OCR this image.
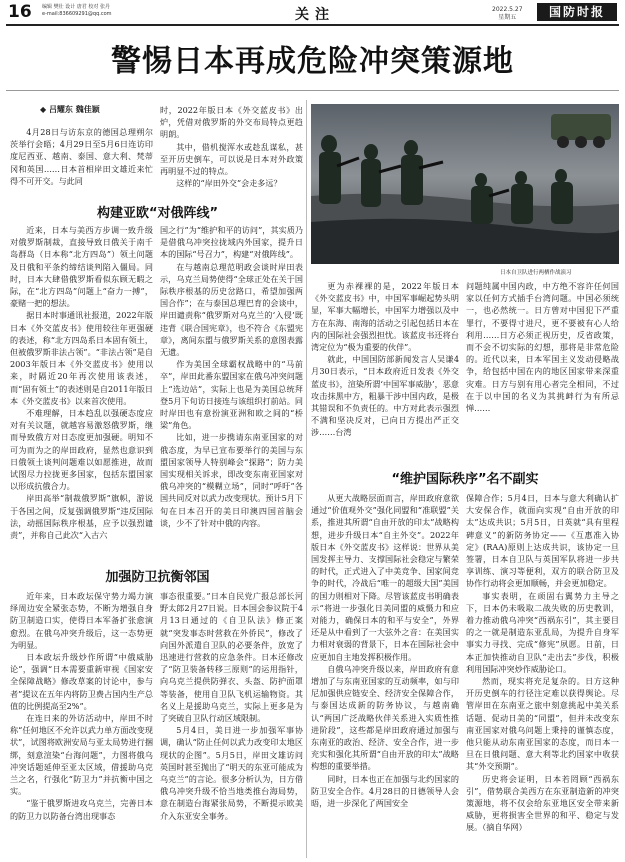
16 编辑 樊壮 设计 唐君 校对 张丹
e-mail:836609291@qq.com	关注	2022.5.27
星期五	国防时报
警惕日本再成危险冲突策源地
◆ 吕耀东 魏佳颖

4月28日与访东京的德国总理朔尔茨举行会晤；4月29日至5月6日连访印度尼西亚、越南、泰国、意大利、梵蒂冈和英国……日本首相岸田文雄近来忙得不可开交。与此同

时，2022年版日本《外交蓝皮书》出炉，凭借对俄罗斯的外交布局特点更趋明朗。

其中，借机搅浑水或趁乱谋私，甚至开历史倒车，可以说是日本对外政策再明显不过的特点。

这样的“岸田外交”会走多远？

构建亚欧“对俄阵线”

近来，日本与美西方步调一致升级对俄罗斯制裁，直接导致日俄关于南千岛群岛（日本称“北方四岛”）领土问题及日俄和平条约缔结谈判陷入僵局。同时，日本大肆借俄罗斯看似东顾无暇之际，在“北方四岛”问题上“奋力一搏”，豪赌一把的想法。

据日本时事通讯社报道，2022年版日本《外交蓝皮书》使用较往年更强硬的表述，称“北方四岛系日本固有领土，但被俄罗斯非法占领”。“非法占领”是自2003年版日本《外交蓝皮书》使用以来，时隔近20年再次使用该表述，而“固有领土”的表述则是自2011年版日本《外交蓝皮书》以来首次使用。

不难理解，日本趋乱以强硬态度应对有关议题，就越容易激怒俄罗斯，继而导致俄方对日态度更加强硬。明知不可为而为之的岸田政府，显然也意识到日俄领土谈判问题难以如愿推进，故而试图尽力拉拢更多国家，包括东盟国家以形成抗俄合力。

岸田高举“制裁俄罗斯”旗帜，游说于各国之间，反复强调俄罗斯“违反国际法，动摇国际秩序根基，应予以强烈谴责”，并称自己此次“入古六

国之行”为“维护和平的访问”，其实质乃是借俄乌冲突拉拢域内外国家，提升日本的国际“号召力”，构建“对俄阵线”。

在与越南总理范明政会谈时岸田表示，乌克兰局势使得“全球正处在关于国际秩序根基的历史岔路口，希望加强两国合作”；在与泰国总理巴育的会谈中，岸田谴责称“俄罗斯对乌克兰的‘入侵’既违背《联合国宪章》，也不符合《东盟宪章》，离间东盟与俄罗斯关系的意图表露无遗。

作为美国全球霸权战略中的“马前卒”，岸田此番东盟国家在俄乌冲突问题上“选边站”，实际上也是为美国总统拜登5月下旬访日接连与该组织打前站。同时岸田也有意扮演亚洲和欧之间的“桥梁”角色。

比如，进一步携请东南亚国家的对俄态度，为早已宣布要举行的美国与东盟国家领导人特别峰会“探路”；防力美国实现相关诉求，即改变东南亚国家对俄乌冲突的“模糊立场”，同时“呼吁”各国共同反对以武力改变现状。预计5月下旬在日本召开的美日印澳四国首脑会谈，少不了针对中俄的内容。

加强防卫抗衡邻国

近年来，日本政坛保守势力竭力演绎周边安全紧张态势，不断为增强自身防卫制造口实，使得日本军备扩张愈演愈烈。在俄乌冲突升级后，这一态势更为明显。

日本政坛升级炒作所谓“中俄威胁论”，强调“日本需要重新审视《国家安全保障战略》修改草案的讨论中，参与者”提议在五年内将防卫费占国内生产总值的比例提高至2%”。

在连日来的外访活动中，岸田不时称“任何地区不允许以武力单方面改变现状”，试图将欧洲安局与亚太局势进行捆绑，刻意渲染“台海问题”，力图将俄乌冲突话题延伸至亚太区域，借援助乌克兰之名，行强化“防卫力”并抗衡中国之实。

“鉴于俄罗斯进攻乌克兰，完善日本的防卫力以防备台湾出现事态

事态很重要。”日本自民党广报总部长河野太郎2月27日说。日本国会参议院于4月13日通过的《自卫队法》修正案就“突发事态时营救在外侨民”，修改了向国外派遣自卫队的必要条件，放宽了迅速进行营救的应急条件。日本还修改了“防卫装备转移三原则”的运用指针，向乌克兰提供防弹衣、头盔、防护面罩等装备，使用自卫队飞机运输物资。其名义上是援助乌克兰，实际上更多是为了突破自卫队行动区域限制。

5月4日，美日进一步加强军事协调，确认“防止任何以武力改变印太地区现状的企图”。5月5日，岸田文雄访问英国时甚至抛出了“明天的东亚可能成为乌克兰”的言论。很多分析认为，日方借俄乌冲突升级不恰当地类推台海局势，意在制造台海紧张局势，不断提示欧美介入东亚安全事务。

日本自卫队进行两栖作战演习

更为赤裸裸的是，2022年版日本《外交蓝皮书》中，中国军事崛起势头明显，军事大幅增长，中国军力增强以及中方在东海、南海的活动之引起包括日本在内的国际社会强烈担忧。该蓝皮书还将台湾定位为“极为重要的伙伴”。

就此，中国国防部新闻发言人吴谦4月30日表示，“日本政府近日发表《外交蓝皮书》，渲染所谓‘中国军事威胁’，恶意攻击抹黑中方，粗暴干涉中国内政，是极其错误和不负责任的。中方对此表示强烈不满和坚决反对，已向日方提出严正交涉……台湾

问题纯属中国内政，中方绝不容许任何国家以任何方式插手台湾问题。中国必须统一，也必然统一。日方曾对中国犯下严重罪行，不要得寸进尺，更不要被有心人给利用……日方必须正视历史，反省政策，而不会不切实际的幻想，那将是非常危险的。近代以来，日本军国主义发动侵略战争，给包括中国在内的地区国家带来深重灾难。日方与别有用心者完全相同，不过在于以中国的名义为其挑衅行为有所忌惮……

“维护国际秩序”名不副实

从更大战略层面而言，岸田政府意欲通过“价值观外交”强化同盟和“准联盟”关系，推进其所谓“自由开放的印太”战略构想，进步升级日本“自主外交”。2022年版日本《外交蓝皮书》这样说：世界从美国发挥主导力、支撑国际社会稳定与繁荣的时代，正式进入了中美竞争、国家间竞争的时代，冷战后“唯一的超级大国”美国的国力则相对下降。尽管该蓝皮书明确表示“将进一步强化日美同盟的威慑力和应对能力，确保日本的和平与安全”，外界还是从中看到了一大弦外之音：在美国实力相对衰弱的背景下，日本在国际社会中应更加自主地发挥积极作用。

自俄乌冲突升级以来，岸田政府有意增加了与东南亚国家的互动频率，如与印尼加强供应链安全、经济安全保障合作，与泰国达成新的防务协议，与越南确认“两国广泛战略伙伴关系进入实质性推进阶段”，这些都是岸田政府通过加强与东南亚的政治、经济、安全合作，进一步充实和强化其所谓“自由开放的印太”战略构想的重要举措。

同时，日本也正在加强与北约国家的防卫安全合作。4月28日的日德领导人会晤，进一步深化了两国安全

保障合作；5月4日，日本与意大利确认扩大安保合作，就面向实现“自由开放的印太”达成共识；5月5日，日英就“具有里程碑意义”的新防务协定——《互惠准入协定》(RAA)原则上达成共识，该协定一旦签署，日本自卫队与英国军队将进一步共享训练、演习等便利，双方的联合防卫及协作行动将会更加顺畅，并会更加稳定。

事实表明，在顽固右翼势力主导之下，日本仍未吸取二战失败的历史教训，着力推动俄乌冲突“西祸东引”，其主要目的之一就是制造东亚乱局，为提升自身军事实力寻找、完成“修宪”夙愿。日前，日本正加快推动自卫队“走出去”步伐，积极利用国际冲突炒作威胁论口。

然而，现实将充足复杂的。日方这种开历史倒车的行径注定难以获得舆论。尽管岸田在东南亚之旅中刻意挑起中美关系话题、促动日美的“同盟”，但并未改变东南亚国家对俄乌问题上秉持的谨慎态度，他只能从动东南亚国家的态度，而日本一旦在日俄问题、意大利等北约国家中收获其“外交预期”。

历史将会证明，日本若罔顾“西祸东引”，借势联合美西方在东亚制造新的冲突策源地，将不仅会给东亚地区安全带来新威胁，更将损害全世界的和平、稳定与发展。（摘自华网）
